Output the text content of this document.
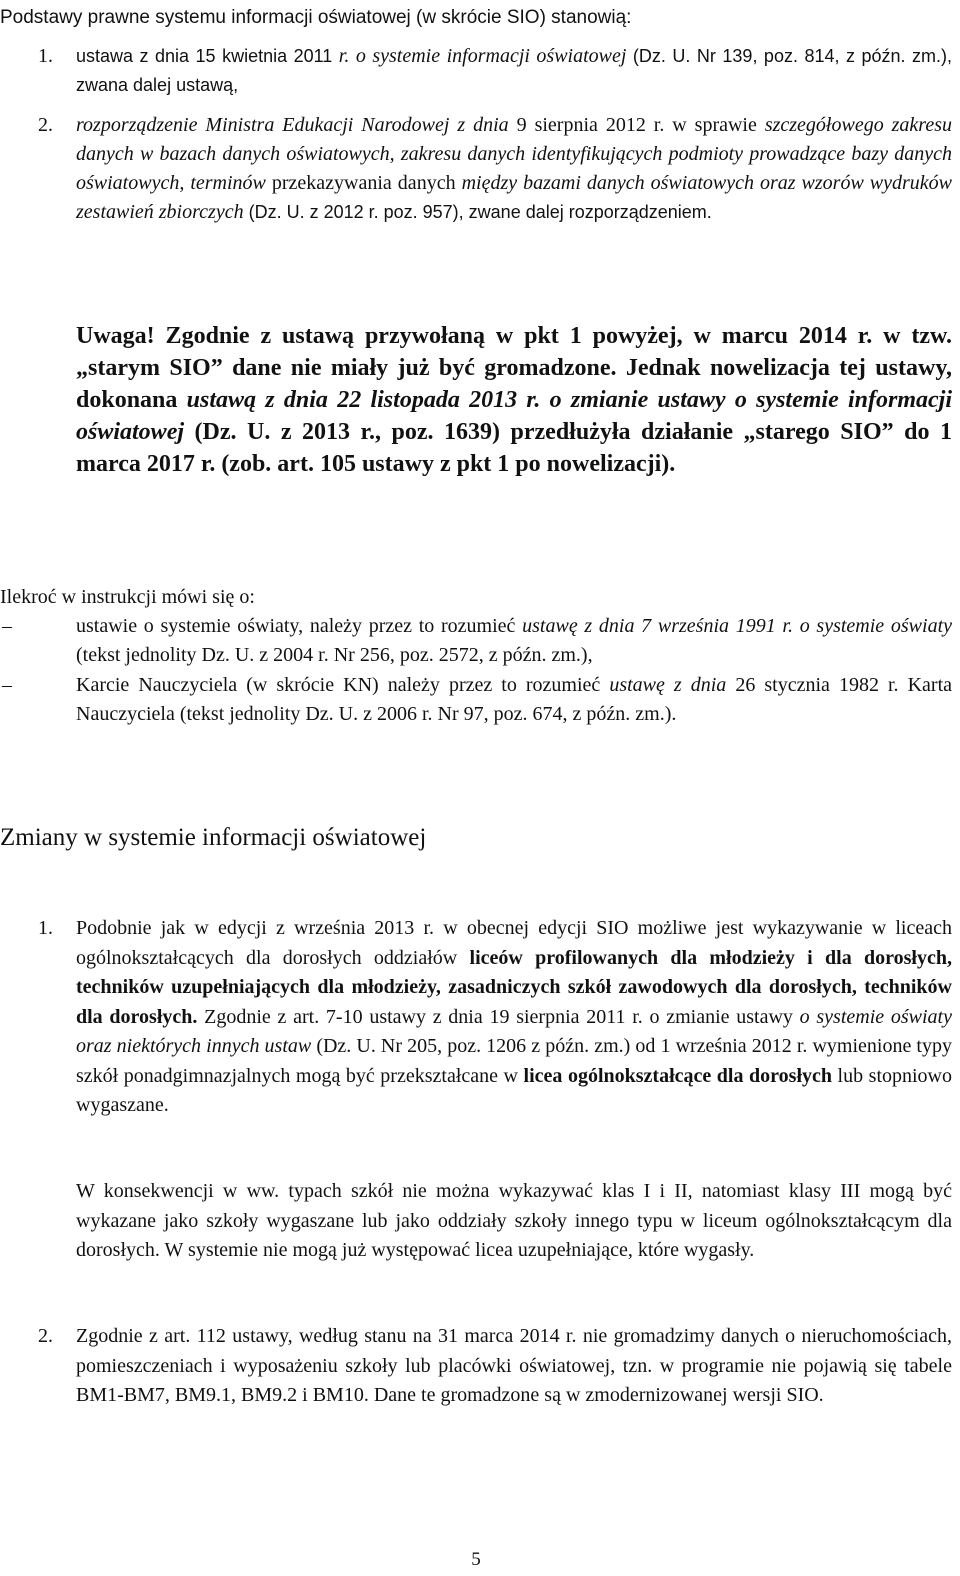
Podstawy prawne systemu informacji oświatowej (w skrócie SIO) stanowią:
1. ustawa z dnia 15 kwietnia 2011 r. o systemie informacji oświatowej (Dz. U. Nr 139, poz. 814, z późn. zm.), zwana dalej ustawą,
2. rozporządzenie Ministra Edukacji Narodowej z dnia 9 sierpnia 2012 r. w sprawie szczegółowego zakresu danych w bazach danych oświatowych, zakresu danych identyfikujących podmioty prowadzące bazy danych oświatowych, terminów przekazywania danych między bazami danych oświatowych oraz wzorów wydruków zestawień zbiorczych (Dz. U. z 2012 r. poz. 957), zwane dalej rozporządzeniem.
Uwaga! Zgodnie z ustawą przywołaną w pkt 1 powyżej, w marcu 2014 r. w tzw. „starym SIO” dane nie miały już być gromadzone. Jednak nowelizacja tej ustawy, dokonana ustawą z dnia 22 listopada 2013 r. o zmianie ustawy o systemie informacji oświatowej (Dz. U. z 2013 r., poz. 1639) przedłużyła działanie „starego SIO” do 1 marca 2017 r. (zob. art. 105 ustawy z pkt 1 po nowelizacji).
Ilekroć w instrukcji mówi się o:
–	ustawie o systemie oświaty, należy przez to rozumieć ustawę z dnia 7 września 1991 r. o systemie oświaty (tekst jednolity Dz. U. z 2004 r. Nr 256, poz. 2572, z późn. zm.),
–	Karcie Nauczyciela (w skrócie KN) należy przez to rozumieć ustawę z dnia 26 stycznia 1982 r. Karta Nauczyciela (tekst jednolity Dz. U. z 2006 r. Nr 97, poz. 674, z późn. zm.).
Zmiany w systemie informacji oświatowej
1. Podobnie jak w edycji z września 2013 r. w obecnej edycji SIO możliwe jest wykazywanie w liceach ogólnokształcących dla dorosłych oddziałów liceów profilowanych dla młodzieży i dla dorosłych, techników uzupełniających dla młodzieży, zasadniczych szkół zawodowych dla dorosłych, techników dla dorosłych. Zgodnie z art. 7-10 ustawy z dnia 19 sierpnia 2011 r. o zmianie ustawy o systemie oświaty oraz niektórych innych ustaw (Dz. U. Nr 205, poz. 1206 z późn. zm.) od 1 września 2012 r. wymienione typy szkół ponadgimnazjalnych mogą być przekształcane w licea ogólnokształcące dla dorosłych lub stopniowo wygaszane.
W konsekwencji w ww. typach szkół nie można wykazywać klas I i II, natomiast klasy III mogą być wykazane jako szkoły wygaszane lub jako oddziały szkoły innego typu w liceum ogólnokształcącym dla dorosłych. W systemie nie mogą już występować licea uzupełniające, które wygasły.
2. Zgodnie z art. 112 ustawy, według stanu na 31 marca 2014 r. nie gromadzimy danych o nieruchomościach, pomieszczeniach i wyposażeniu szkoły lub placówki oświatowej, tzn. w programie nie pojawią się tabele BM1-BM7, BM9.1, BM9.2 i BM10. Dane te gromadzone są w zmodernizowanej wersji SIO.
5
